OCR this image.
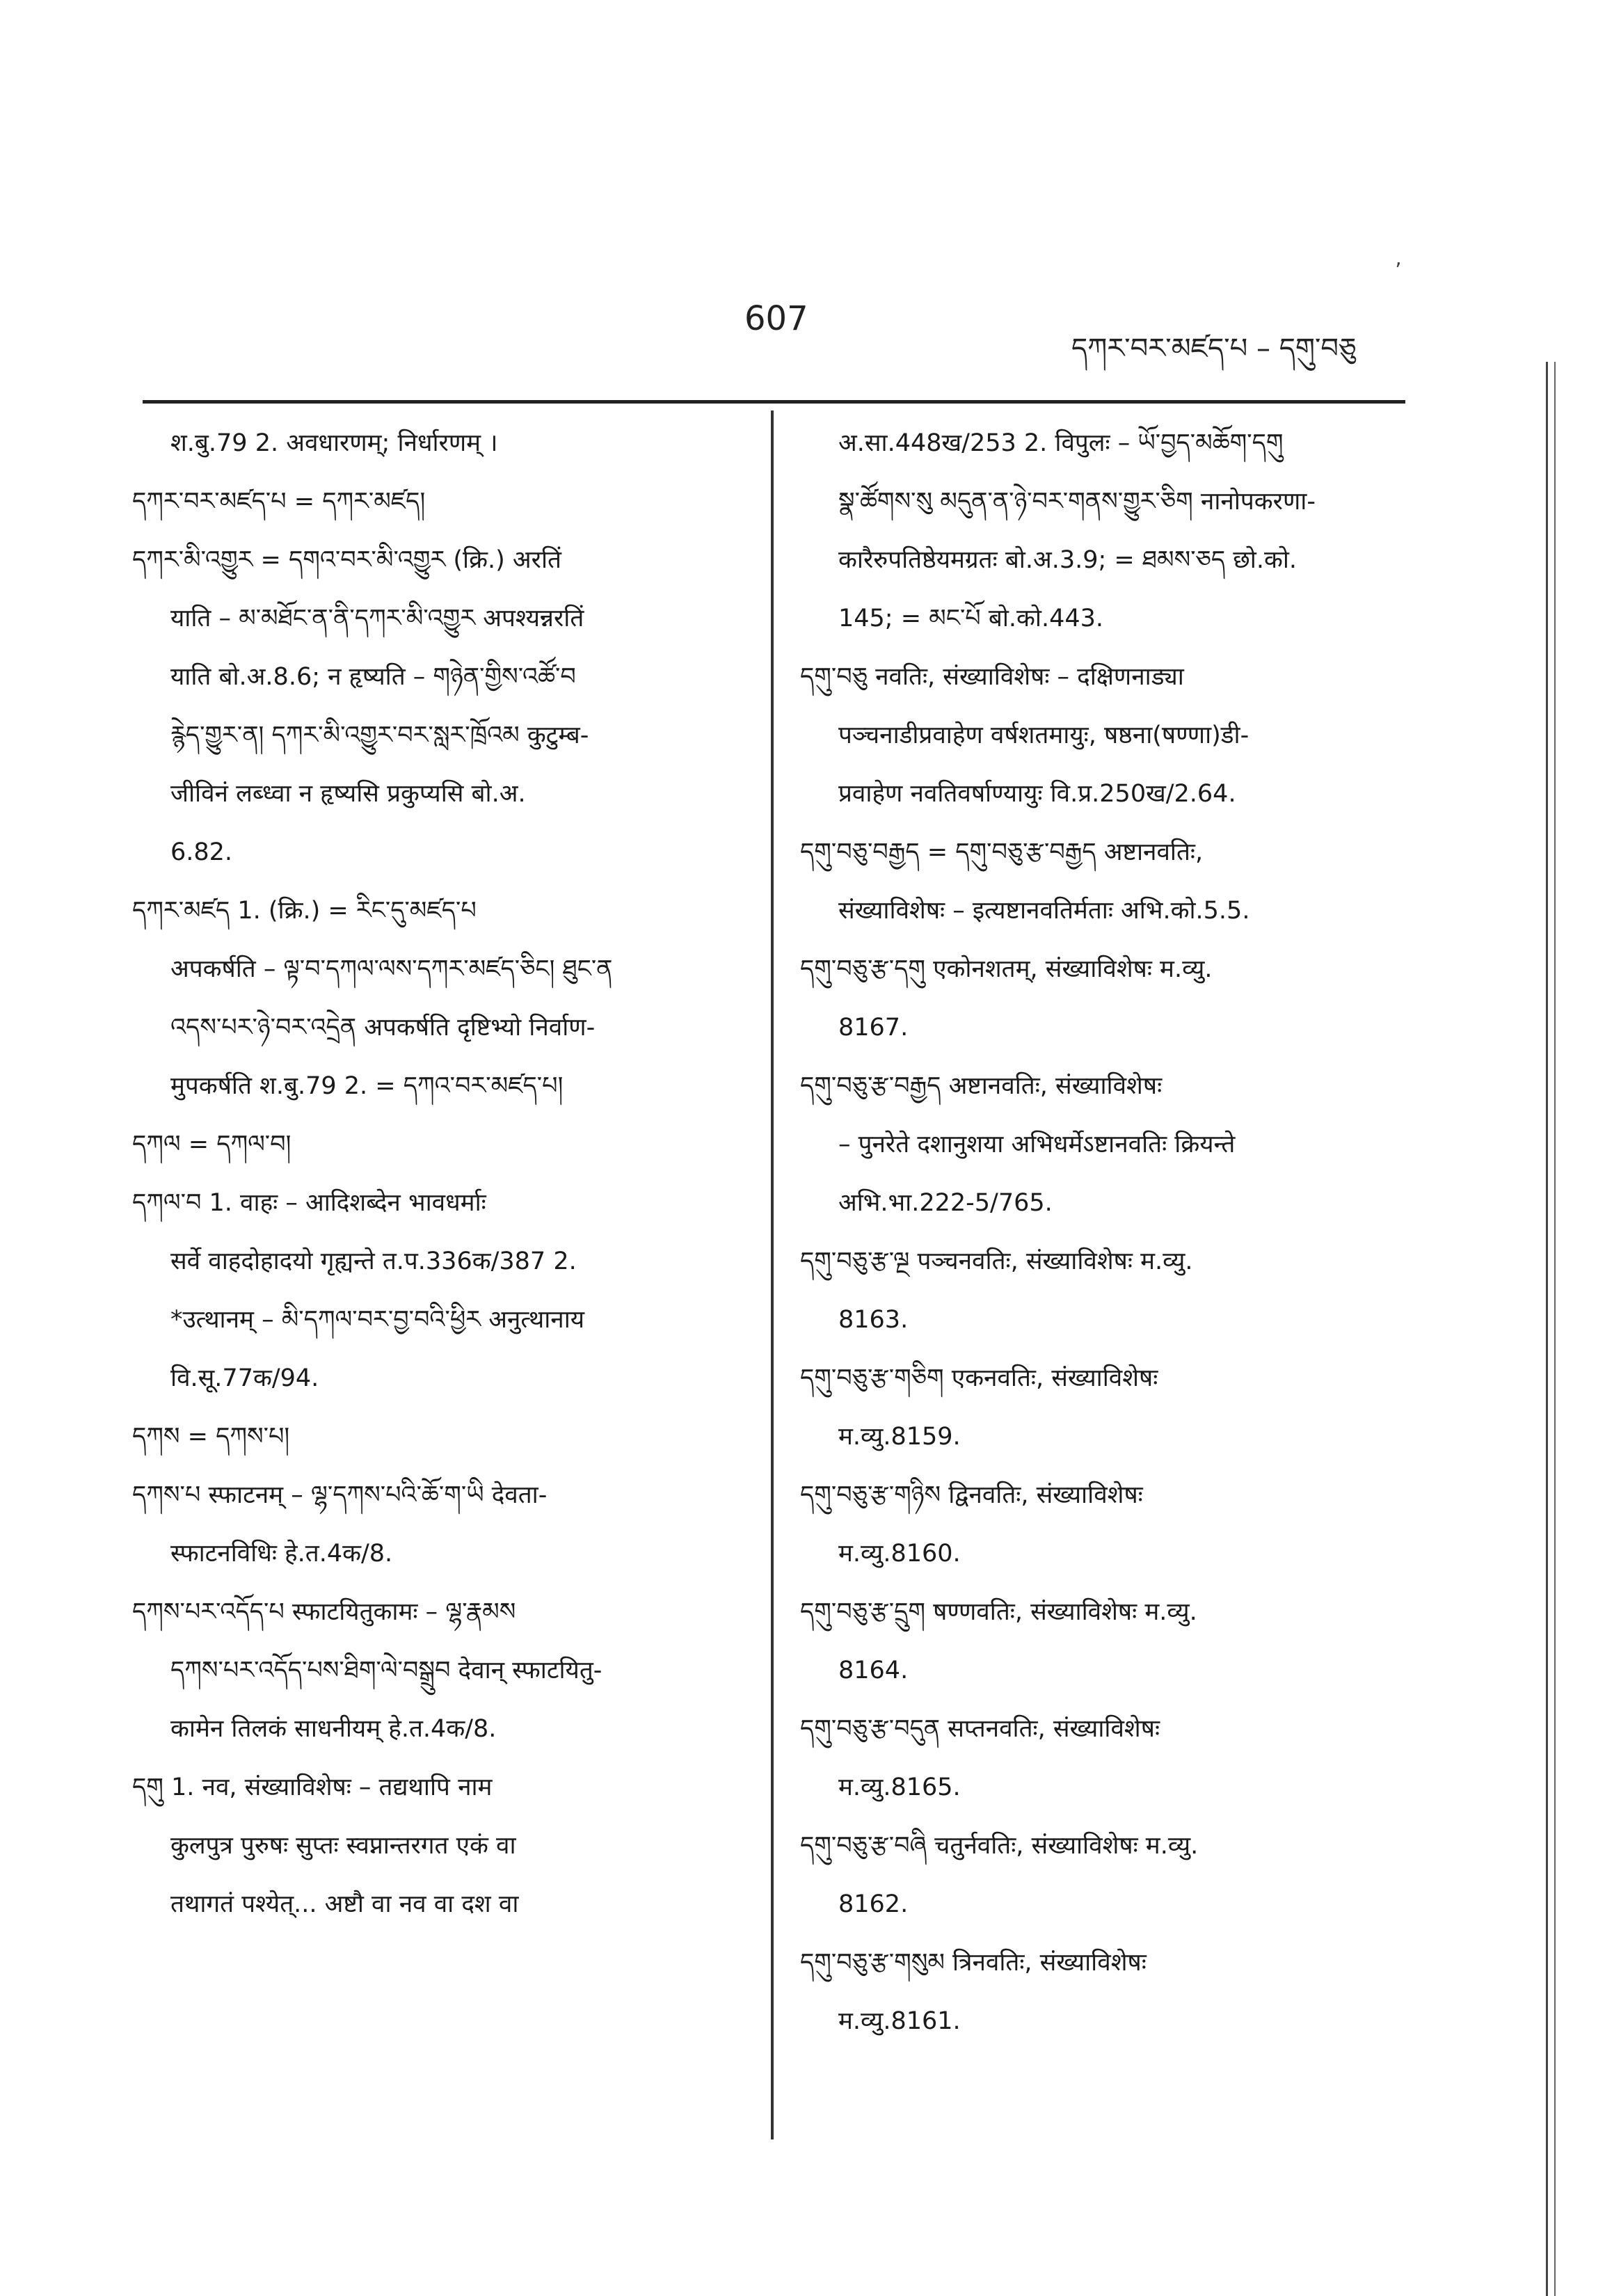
607
དཀར་བར་མཛད་པ – དགུ་བཅུ
ʼ

श.बु.79 2. अवधारणम्; निर्धारणम् ।

དཀར་བར་མཛད་པ = དཀར་མཛད།

དཀར་མི་འགྱུར = དགའ་བར་མི་འགྱུར (क्रि.) अरतिं

याति – མ་མཐོང་ན་ནི་དཀར་མི་འགྱུར अपश्यन्नरतिं

याति बो.अ.8.6; न हृष्यति – གཉེན་གྱིས་འཚོ་བ

རྙེད་གྱུར་ན། དཀར་མི་འགྱུར་བར་སླར་ཁྲོའམ कुटुम्ब-

जीविनं लब्ध्वा न हृष्यसि प्रकुप्यसि बो.अ.

6.82.

དཀར་མཛད 1. (क्रि.) = རིང་དུ་མཛད་པ

अपकर्षति – ལྟ་བ་དཀལ་ལས་དཀར་མཛད་ཅིང། ཐུང་ན

འདས་པར་ཉེ་བར་འདྲེན अपकर्षति दृष्टिभ्यो निर्वाण-

मुपकर्षति श.बु.79 2. = དཀའ་བར་མཛད་པ།

དཀལ = དཀལ་བ།

དཀལ་བ 1. वाहः – आदिशब्देन भावधर्माः

सर्वे वाहदोहादयो गृह्यन्ते त.प.336क/387 2.

*उत्थानम् – མི་དཀལ་བར་བྱ་བའི་ཕྱིར अनुत्थानाय

वि.सू.77क/94.

དཀས = དཀས་པ།

དཀས་པ स्फाटनम् – ལྷ་དཀས་པའི་ཆོ་ག་ཡི देवता-

स्फाटनविधिः हे.त.4क/8.

དཀས་པར་འདོད་པ स्फाटयितुकामः – ལྷ་རྣམས

དཀས་པར་འདོད་པས་ཐིག་ལེ་བསྒྲུབ देवान् स्फाटयितु-

कामेन तिलकं साधनीयम् हे.त.4क/8.

དགུ 1. नव, संख्याविशेषः – तद्यथापि नाम

कुलपुत्र पुरुषः सुप्तः स्वप्नान्तरगत एकं वा

तथागतं पश्येत्... अष्टौ वा नव वा दश वा

अ.सा.448ख/253 2. विपुलः – ཡོ་བྱད་མཆོག་དགུ

སྣ་ཚོགས་སུ མདུན་ན་ཉེ་བར་གནས་གྱུར་ཅིག नानोपकरणा-

कारैरुपतिष्ठेयमग्रतः बो.अ.3.9; = ཐམས་ཅད छो.को.

145; = མང་པོ बो.को.443.

དགུ་བཅུ नवतिः, संख्याविशेषः – दक्षिणनाड्या

पञ्चनाडीप्रवाहेण वर्षशतमायुः, षष्ठना(षण्णा)डी-

प्रवाहेण नवतिवर्षाण्यायुः वि.प्र.250ख/2.64.

དགུ་བཅུ་བརྒྱད = དགུ་བཅུ་རྩ་བརྒྱད अष्टानवतिः,

संख्याविशेषः – इत्यष्टानवतिर्मताः अभि.को.5.5.

དགུ་བཅུ་རྩ་དགུ एकोनशतम्, संख्याविशेषः म.व्यु.

8167.

དགུ་བཅུ་རྩ་བརྒྱད अष्टानवतिः, संख्याविशेषः

– पुनरेते दशानुशया अभिधर्मेऽष्टानवतिः क्रियन्ते

अभि.भा.222-5/765.

དགུ་བཅུ་རྩ་ལྔ पञ्चनवतिः, संख्याविशेषः म.व्यु.

8163.

དགུ་བཅུ་རྩ་གཅིག एकनवतिः, संख्याविशेषः

म.व्यु.8159.

དགུ་བཅུ་རྩ་གཉིས द्विनवतिः, संख्याविशेषः

म.व्यु.8160.

དགུ་བཅུ་རྩ་དྲུག षण्णवतिः, संख्याविशेषः म.व्यु.

8164.

དགུ་བཅུ་རྩ་བདུན सप्तनवतिः, संख्याविशेषः

म.व्यु.8165.

དགུ་བཅུ་རྩ་བཞི चतुर्नवतिः, संख्याविशेषः म.व्यु.

8162.

དགུ་བཅུ་རྩ་གསུམ त्रिनवतिः, संख्याविशेषः

म.व्यु.8161.
